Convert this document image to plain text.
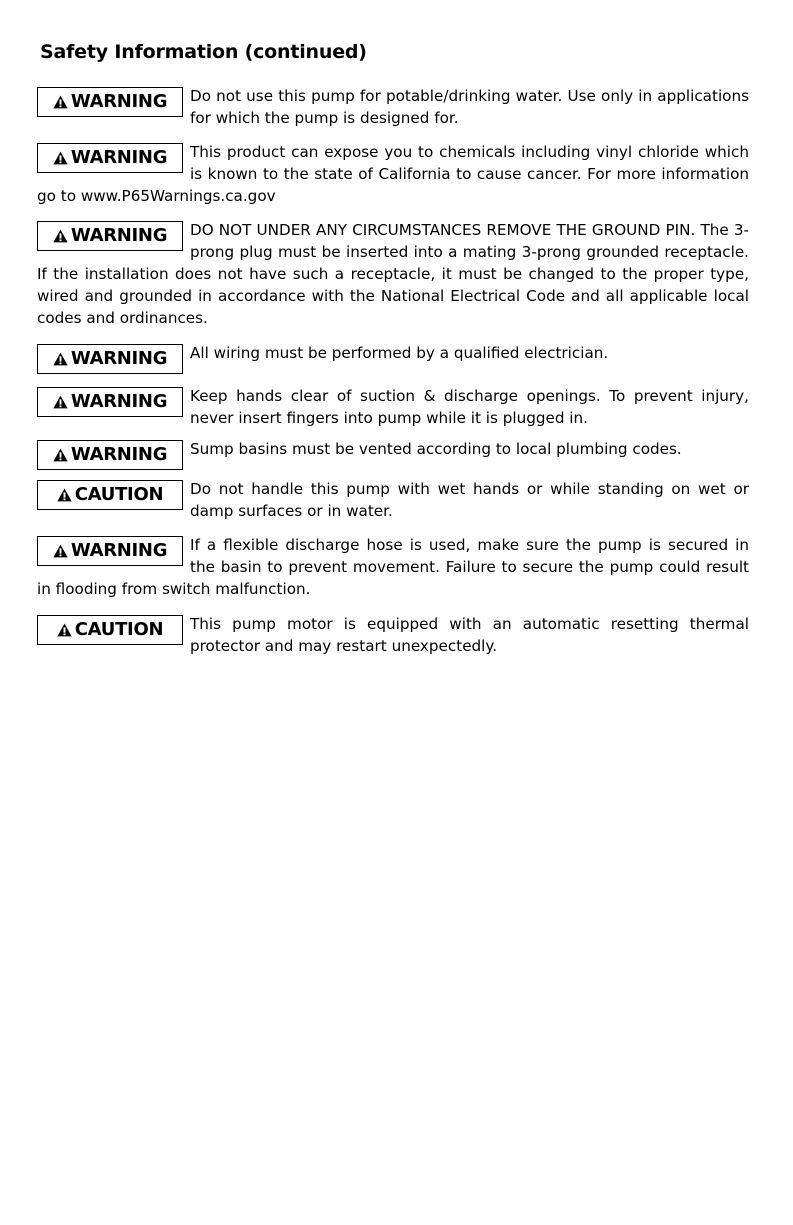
Safety Information (continued)
WARNING Do not use this pump for potable/drinking water. Use only in applications for which the pump is designed for.
WARNING This product can expose you to chemicals including vinyl chloride which is known to the state of California to cause cancer. For more information go to www.P65Warnings.ca.gov
WARNING DO NOT UNDER ANY CIRCUMSTANCES REMOVE THE GROUND PIN. The 3-prong plug must be inserted into a mating 3-prong grounded receptacle. If the installation does not have such a receptacle, it must be changed to the proper type, wired and grounded in accordance with the National Electrical Code and all applicable local codes and ordinances.
WARNING All wiring must be performed by a qualified electrician.
WARNING Keep hands clear of suction & discharge openings. To prevent injury, never insert fingers into pump while it is plugged in.
WARNING Sump basins must be vented according to local plumbing codes.
CAUTION Do not handle this pump with wet hands or while standing on wet or damp surfaces or in water.
WARNING If a flexible discharge hose is used, make sure the pump is secured in the basin to prevent movement. Failure to secure the pump could result in flooding from switch malfunction.
CAUTION This pump motor is equipped with an automatic resetting thermal protector and may restart unexpectedly.
